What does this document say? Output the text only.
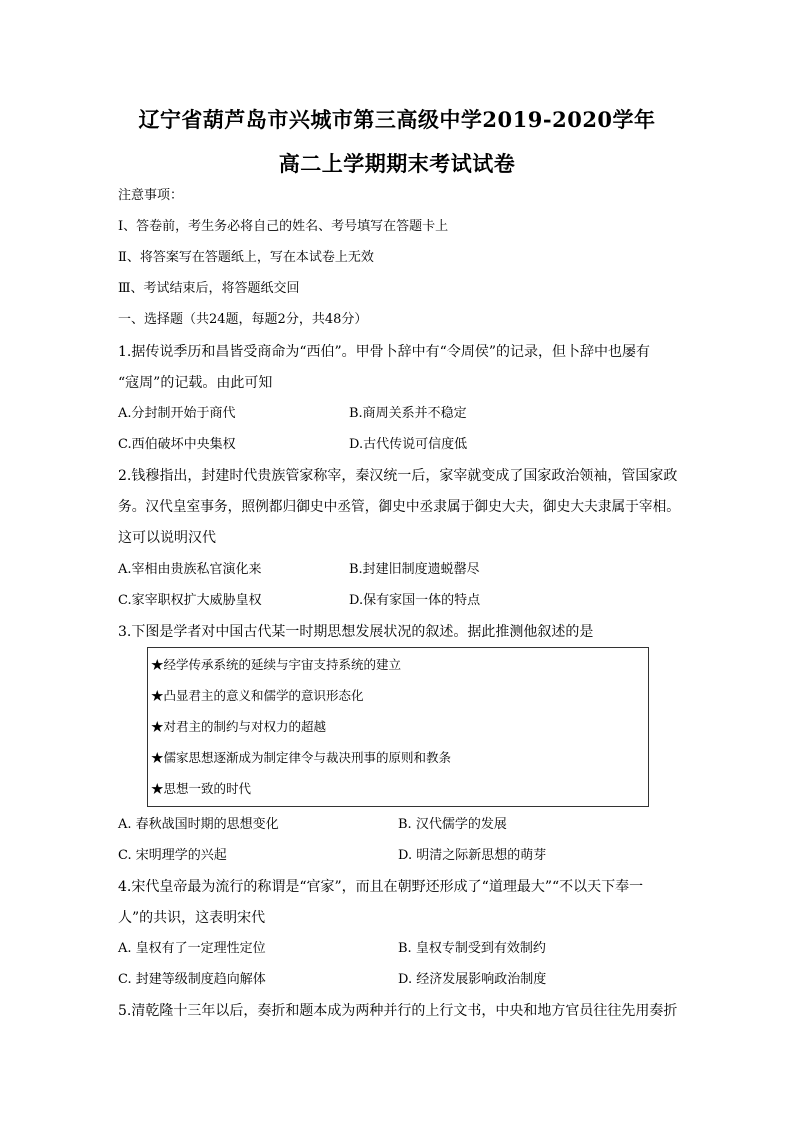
辽宁省葫芦岛市兴城市第三高级中学2019-2020学年
高二上学期期末考试试卷
注意事项：
Ⅰ、答卷前，考生务必将自己的姓名、考号填写在答题卡上
Ⅱ、将答案写在答题纸上，写在本试卷上无效
Ⅲ、考试结束后，将答题纸交回
一、选择题（共24题，每题2分，共48分）
1.据传说季历和昌皆受商命为“西伯”。甲骨卜辞中有“令周侯”的记录，但卜辞中也屡有
“寇周”的记载。由此可知
A.分封制开始于商代	B.商周关系并不稳定
C.西伯破坏中央集权	D.古代传说可信度低
2.钱穆指出，封建时代贵族管家称宰，秦汉统一后，家宰就变成了国家政治领袖，管国家政
务。汉代皇室事务，照例都归御史中丞管，御史中丞隶属于御史大夫，御史大夫隶属于宰相。
这可以说明汉代
A.宰相由贵族私官演化来	B.封建旧制度遗蜕罄尽
C.家宰职权扩大威胁皇权	D.保有家国一体的特点
3.下图是学者对中国古代某一时期思想发展状况的叙述。据此推测他叙述的是
★经学传承系统的延续与宇宙支持系统的建立
★凸显君主的意义和儒学的意识形态化
★对君主的制约与对权力的超越
★儒家思想逐渐成为制定律令与裁决刑事的原则和教条
★思想一致的时代
A. 春秋战国时期的思想变化	B. 汉代儒学的发展
C. 宋明理学的兴起	D. 明清之际新思想的萌芽
4.宋代皇帝最为流行的称谓是“官家”，而且在朝野还形成了“道理最大”“不以天下奉一
人”的共识，这表明宋代
A. 皇权有了一定理性定位	B. 皇权专制受到有效制约
C. 封建等级制度趋向解体	D. 经济发展影响政治制度
5.清乾隆十三年以后，奏折和题本成为两种并行的上行文书，中央和地方官员往往先用奏折
